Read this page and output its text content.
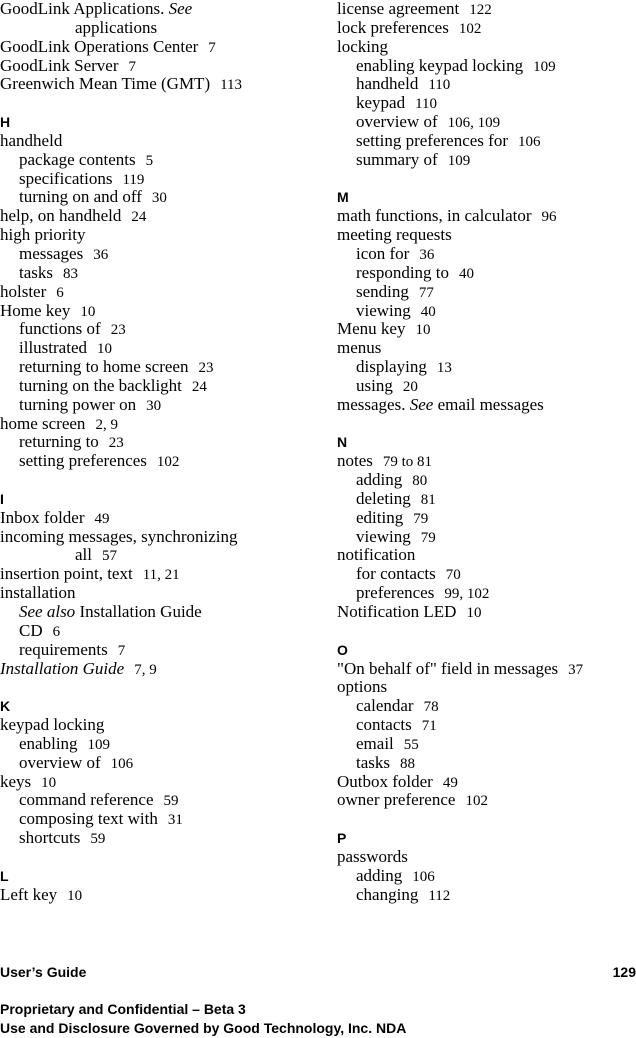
GoodLink Applications. See
applications
GoodLink Operations Center 7
GoodLink Server 7
Greenwich Mean Time (GMT) 113
H
handheld
package contents 5
specifications 119
turning on and off 30
help, on handheld 24
high priority
messages 36
tasks 83
holster 6
Home key 10
functions of 23
illustrated 10
returning to home screen 23
turning on the backlight 24
turning power on 30
home screen 2, 9
returning to 23
setting preferences 102
I
Inbox folder 49
incoming messages, synchronizing
all 57
insertion point, text 11, 21
installation
See also Installation Guide
CD 6
requirements 7
Installation Guide 7, 9
K
keypad locking
enabling 109
overview of 106
keys 10
command reference 59
composing text with 31
shortcuts 59
L
Left key 10
license agreement 122
lock preferences 102
locking
enabling keypad locking 109
handheld 110
keypad 110
overview of 106, 109
setting preferences for 106
summary of 109
M
math functions, in calculator 96
meeting requests
icon for 36
responding to 40
sending 77
viewing 40
Menu key 10
menus
displaying 13
using 20
messages. See email messages
N
notes 79 to 81
adding 80
deleting 81
editing 79
viewing 79
notification
for contacts 70
preferences 99, 102
Notification LED 10
O
"On behalf of" field in messages 37
options
calendar 78
contacts 71
email 55
tasks 88
Outbox folder 49
owner preference 102
P
passwords
adding 106
changing 112
User’s Guide	129
Proprietary and Confidential – Beta 3
Use and Disclosure Governed by Good Technology, Inc. NDA
